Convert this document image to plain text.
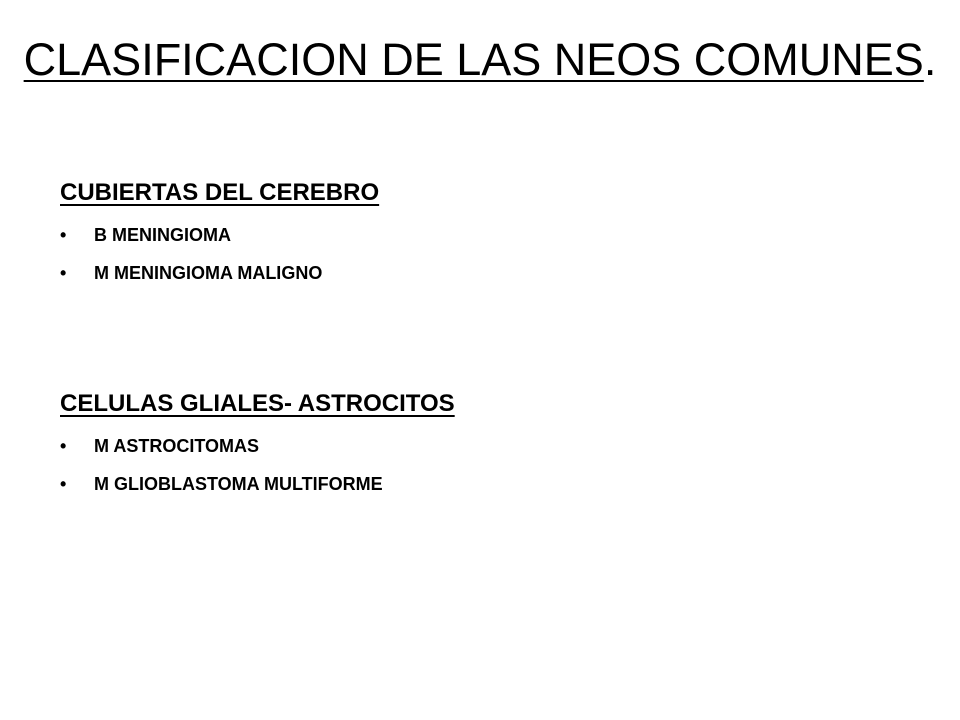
CLASIFICACION DE LAS NEOS COMUNES.

CUBIERTAS DEL CEREBRO

• B MENINGIOMA
• M MENINGIOMA MALIGNO

CELULAS GLIALES- ASTROCITOS

• M ASTROCITOMAS
• M GLIOBLASTOMA MULTIFORME
